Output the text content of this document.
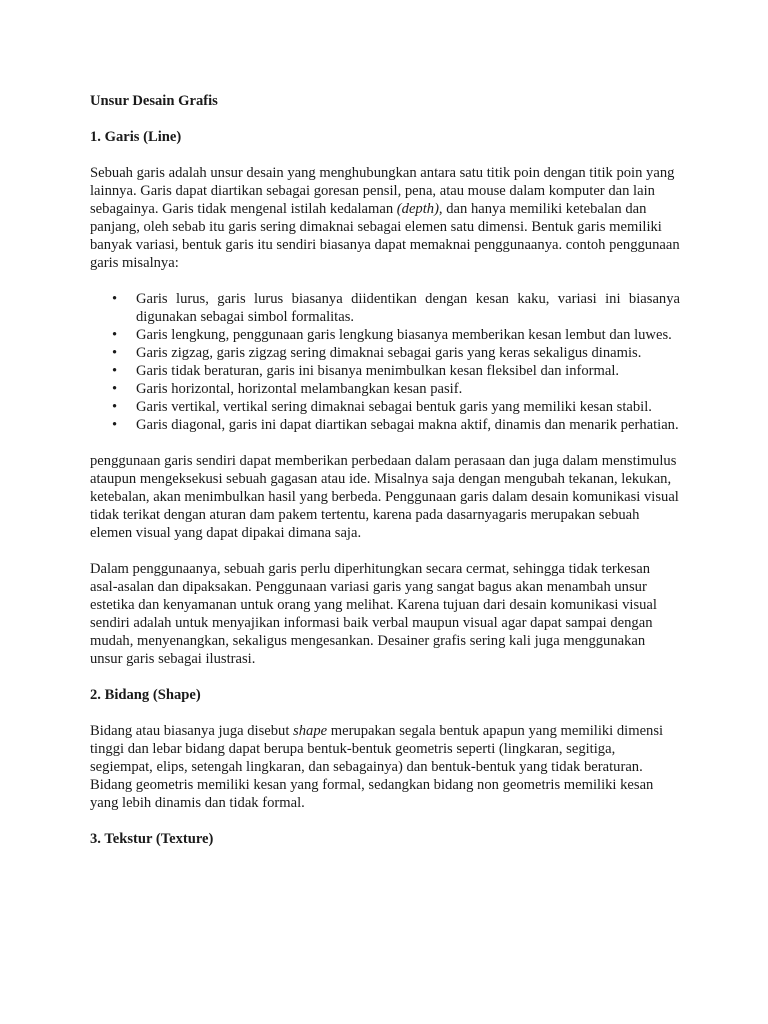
Unsur Desain Grafis

1. Garis (Line)

Sebuah garis adalah unsur desain yang menghubungkan antara satu titik poin dengan titik poin yang lainnya. Garis dapat diartikan sebagai goresan pensil, pena, atau mouse dalam komputer dan lain sebagainya. Garis tidak mengenal istilah kedalaman (depth), dan hanya memiliki ketebalan dan panjang, oleh sebab itu garis sering dimaknai sebagai elemen satu dimensi. Bentuk garis memiliki banyak variasi, bentuk garis itu sendiri biasanya dapat memaknai penggunaanya. contoh penggunaan garis misalnya:

• Garis lurus, garis lurus biasanya diidentikan dengan kesan kaku, variasi ini biasanya digunakan sebagai simbol formalitas.
• Garis lengkung, penggunaan garis lengkung biasanya memberikan kesan lembut dan luwes.
• Garis zigzag, garis zigzag sering dimaknai sebagai garis yang keras sekaligus dinamis.
• Garis tidak beraturan, garis ini bisanya menimbulkan kesan fleksibel dan informal.
• Garis horizontal, horizontal melambangkan kesan pasif.
• Garis vertikal, vertikal sering dimaknai sebagai bentuk garis yang memiliki kesan stabil.
• Garis diagonal, garis ini dapat diartikan sebagai makna aktif, dinamis dan menarik perhatian.

penggunaan garis sendiri dapat memberikan perbedaan dalam perasaan dan juga dalam menstimulus ataupun mengeksekusi sebuah gagasan atau ide. Misalnya saja dengan mengubah tekanan, lekukan, ketebalan, akan menimbulkan hasil yang berbeda. Penggunaan garis dalam desain komunikasi visual tidak terikat dengan aturan dam pakem tertentu, karena pada dasarnyagaris merupakan sebuah elemen visual yang dapat dipakai dimana saja.

Dalam penggunaanya, sebuah garis perlu diperhitungkan secara cermat, sehingga tidak terkesan asal-asalan dan dipaksakan. Penggunaan variasi garis yang sangat bagus akan menambah unsur estetika dan kenyamanan untuk orang yang melihat. Karena tujuan dari desain komunikasi visual sendiri adalah untuk menyajikan informasi baik verbal maupun visual agar dapat sampai dengan mudah, menyenangkan, sekaligus mengesankan. Desainer grafis sering kali juga menggunakan unsur garis sebagai ilustrasi.

2. Bidang (Shape)

Bidang atau biasanya juga disebut shape merupakan segala bentuk apapun yang memiliki dimensi tinggi dan lebar bidang dapat berupa bentuk-bentuk geometris seperti (lingkaran, segitiga, segiempat, elips, setengah lingkaran, dan sebagainya) dan bentuk-bentuk yang tidak beraturan. Bidang geometris memiliki kesan yang formal, sedangkan bidang non geometris memiliki kesan yang lebih dinamis dan tidak formal.

3. Tekstur (Texture)
